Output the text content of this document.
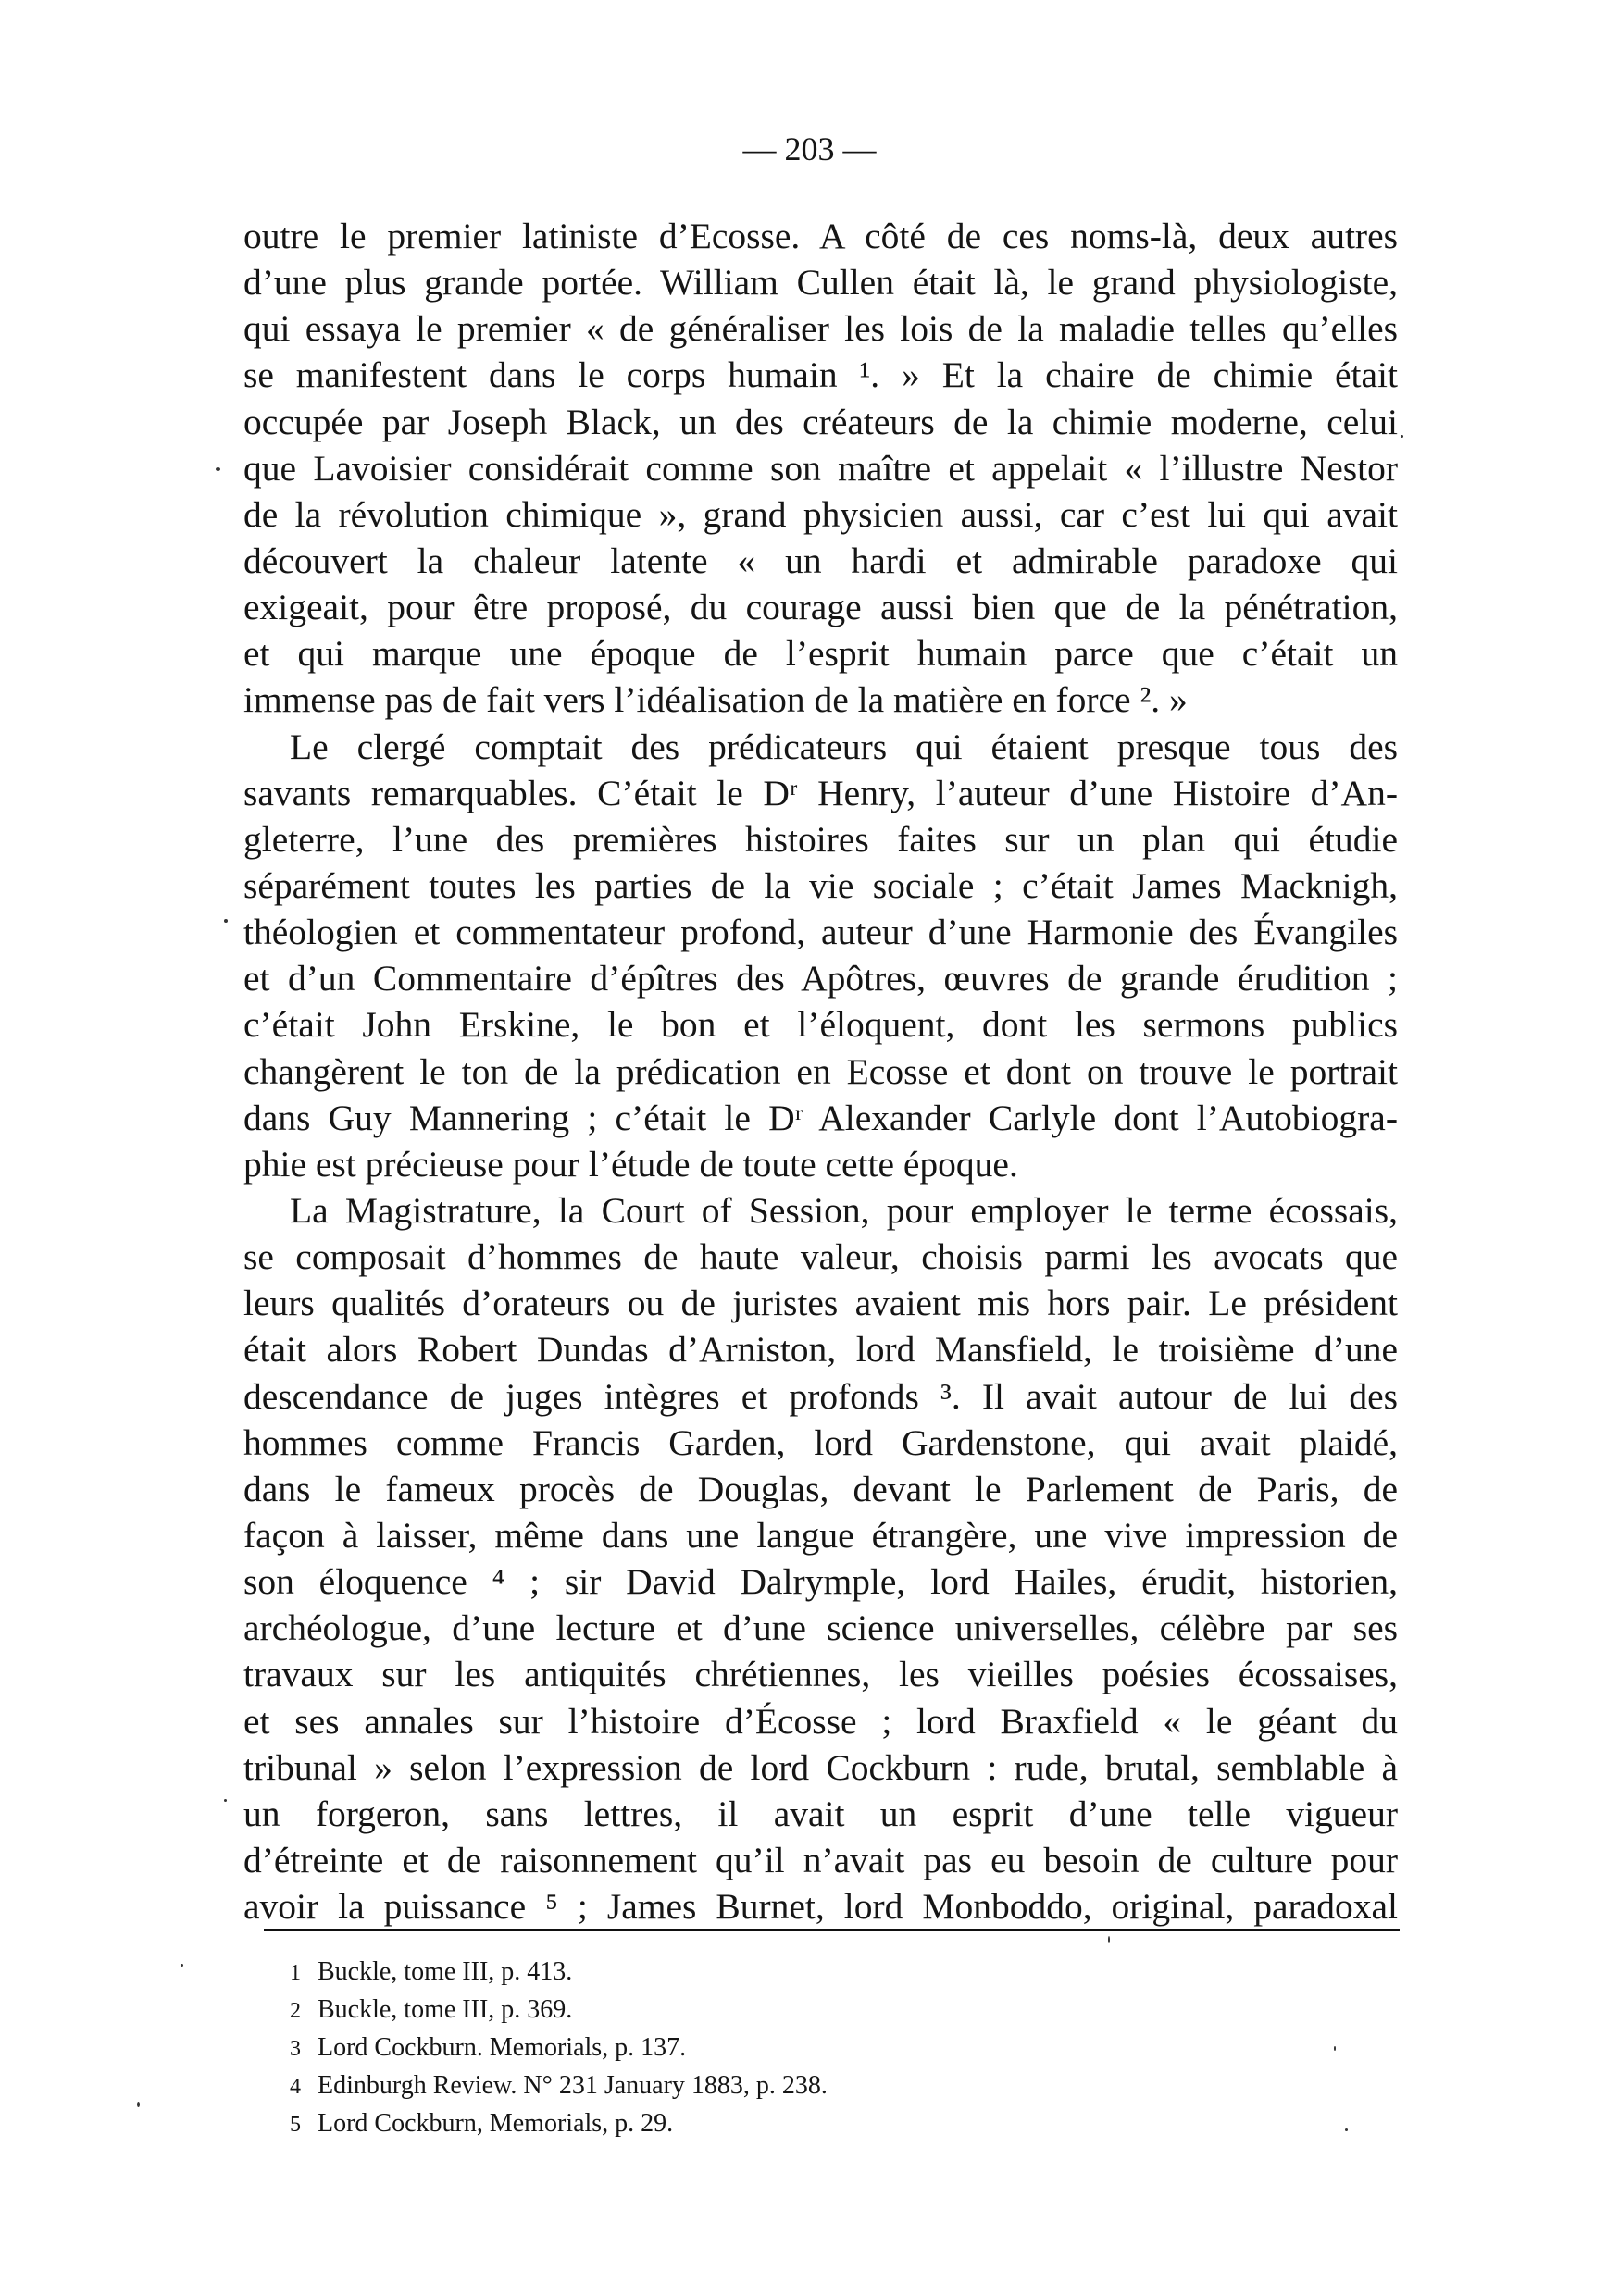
— 203 —

outre le premier latiniste d’Ecosse. A côté de ces noms-là, deux autres
d’une plus grande portée. William Cullen était là, le grand physiologiste,
qui essaya le premier « de généraliser les lois de la maladie telles qu’elles
se manifestent dans le corps humain ¹. » Et la chaire de chimie était
occupée par Joseph Black, un des créateurs de la chimie moderne, celui
que Lavoisier considérait comme son maître et appelait « l’illustre Nestor
de la révolution chimique », grand physicien aussi, car c’est lui qui avait
découvert la chaleur latente « un hardi et admirable paradoxe qui
exigeait, pour être proposé, du courage aussi bien que de la pénétration,
et qui marque une époque de l’esprit humain parce que c’était un
immense pas de fait vers l’idéalisation de la matière en force ². »

Le clergé comptait des prédicateurs qui étaient presque tous des
savants remarquables. C’était le Dʳ Henry, l’auteur d’une Histoire d’An-
gleterre, l’une des premières histoires faites sur un plan qui étudie
séparément toutes les parties de la vie sociale ; c’était James Macknigh,
théologien et commentateur profond, auteur d’une Harmonie des Évangiles
et d’un Commentaire d’épîtres des Apôtres, œuvres de grande érudition ;
c’était John Erskine, le bon et l’éloquent, dont les sermons publics
changèrent le ton de la prédication en Ecosse et dont on trouve le portrait
dans Guy Mannering ; c’était le Dʳ Alexander Carlyle dont l’Autobiogra-
phie est précieuse pour l’étude de toute cette époque.

La Magistrature, la Court of Session, pour employer le terme écossais,
se composait d’hommes de haute valeur, choisis parmi les avocats que
leurs qualités d’orateurs ou de juristes avaient mis hors pair. Le président
était alors Robert Dundas d’Arniston, lord Mansfield, le troisième d’une
descendance de juges intègres et profonds ³. Il avait autour de lui des
hommes comme Francis Garden, lord Gardenstone, qui avait plaidé,
dans le fameux procès de Douglas, devant le Parlement de Paris, de
façon à laisser, même dans une langue étrangère, une vive impression de
son éloquence ⁴ ; sir David Dalrymple, lord Hailes, érudit, historien,
archéologue, d’une lecture et d’une science universelles, célèbre par ses
travaux sur les antiquités chrétiennes, les vieilles poésies écossaises,
et ses annales sur l’histoire d’Écosse ; lord Braxfield « le géant du
tribunal » selon l’expression de lord Cockburn : rude, brutal, semblable à
un forgeron, sans lettres, il avait un esprit d’une telle vigueur
d’étreinte et de raisonnement qu’il n’avait pas eu besoin de culture pour
avoir la puissance ⁵ ; James Burnet, lord Monboddo, original, paradoxal

1 Buckle, tome III, p. 413.
2 Buckle, tome III, p. 369.
3 Lord Cockburn. Memorials, p. 137.
4 Edinburgh Review. N° 231 January 1883, p. 238.
5 Lord Cockburn, Memorials, p. 29.
